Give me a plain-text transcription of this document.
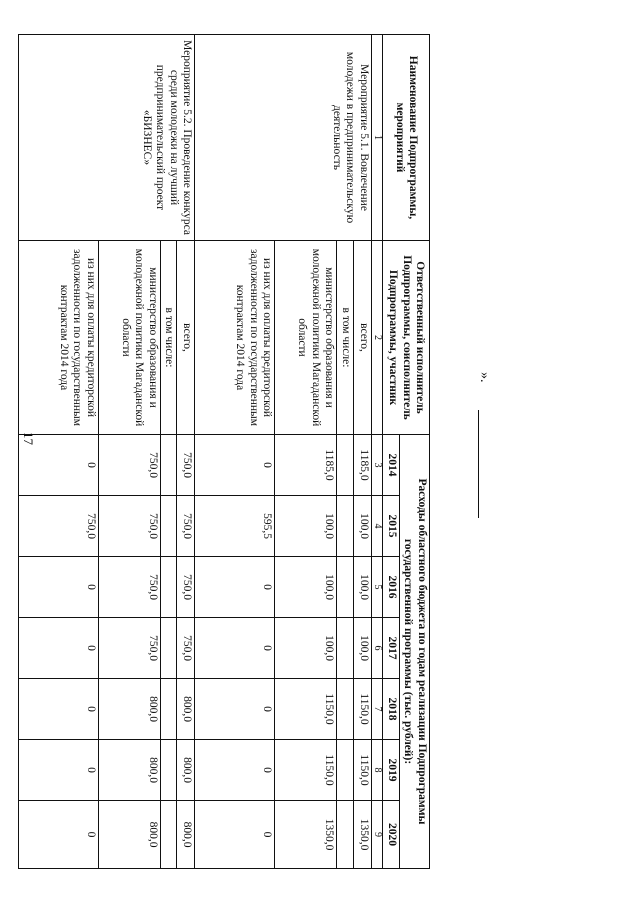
17
».
Наименование Подпрограммы, мероприятий	Ответственный исполнитель Подпрограммы, соисполнитель Подпрограммы, участник	Расходы областного бюджета по годам реализации Подпрограммы государственной программы (тыс. рублей):						
		2014	2015	2016	2017	2018	2019	2020
1	2	3	4	5	6	7	8	9
Мероприятие 5.1. Вовлечение молодежи в предпринимательскую деятельность	всего,	1185,0	100,0	100,0	100,0	1150,0	1150,0	1350,0
	в том числе:							
	министерство образования и молодежной политики Магаданской области	1185,0	100,0	100,0	100,0	1150,0	1150,0	1350,0
	из них для оплаты кредиторской задолженности по государственным контрактам 2014 года	0	595,5	0	0	0	0	0
Мероприятие 5.2. Проведение конкурса среди молодежи на лучший предпринимательский проект «БИЗНЕС»	всего,	750,0	750,0	750,0	750,0	800,0	800,0	800,0
	в том числе:							
	министерство образования и молодежной политики Магаданской области	750,0	750,0	750,0	750,0	800,0	800,0	800,0
	из них для оплаты кредиторской задолженности по государственным контрактам 2014 года	0	750,0	0	0	0	0	0
